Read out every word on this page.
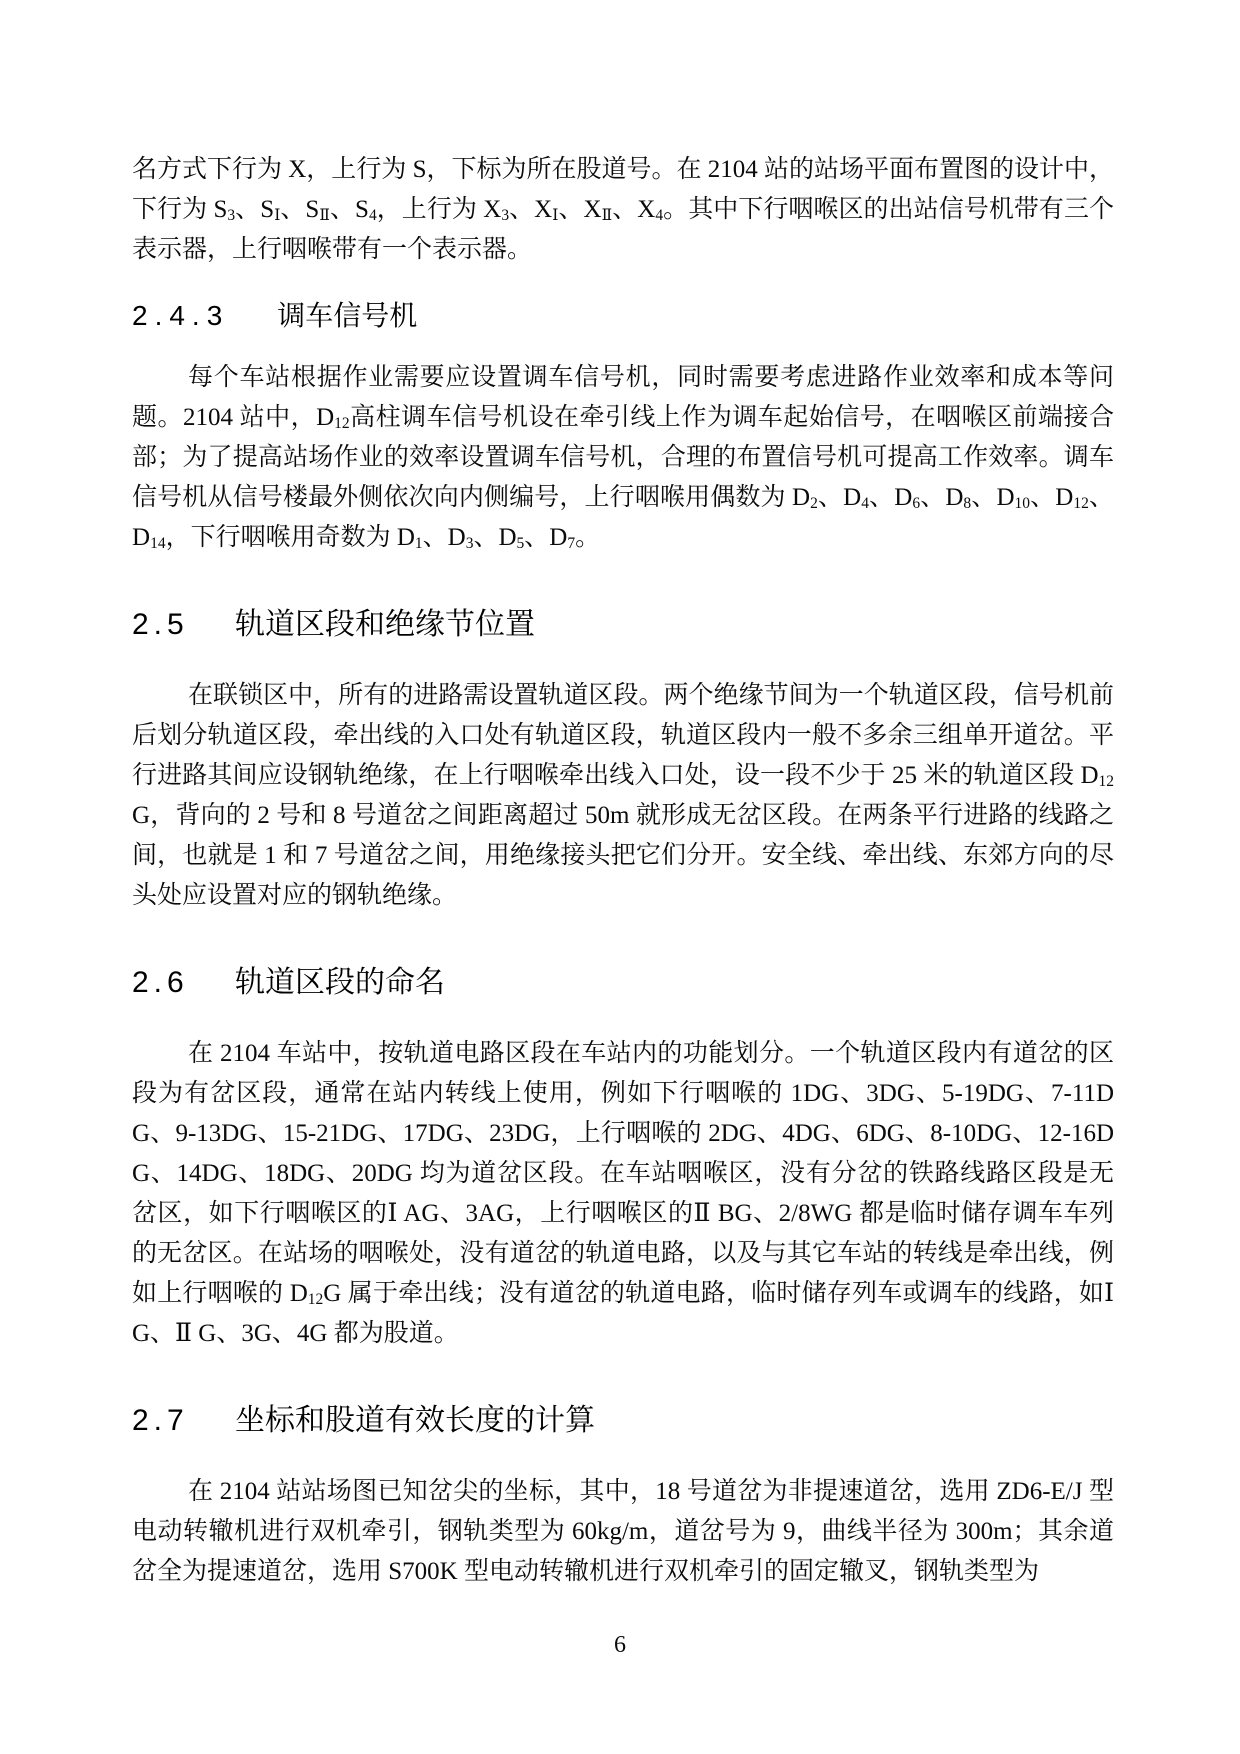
名方式下行为 X，上行为 S，下标为所在股道号。在 2104 站的站场平面布置图的设计中，下行为 $S_3$、$S_Ⅰ$、$S_Ⅱ$、$S_4$，上行为 $X_3$、$X_Ⅰ$、$X_Ⅱ$、$X_4$。其中下行咽喉区的出站信号机带有三个表示器，上行咽喉带有一个表示器。

2.4.3 调车信号机

每个车站根据作业需要应设置调车信号机，同时需要考虑进路作业效率和成本等问题。2104 站中，$D_{12}$高柱调车信号机设在牵引线上作为调车起始信号，在咽喉区前端接合部；为了提高站场作业的效率设置调车信号机，合理的布置信号机可提高工作效率。调车信号机从信号楼最外侧依次向内侧编号，上行咽喉用偶数为 $D_2$、$D_4$、$D_6$、$D_8$、$D_{10}$、$D_{12}$、$D_{14}$，下行咽喉用奇数为 $D_1$、$D_3$、$D_5$、$D_7$。

2.5 轨道区段和绝缘节位置

在联锁区中，所有的进路需设置轨道区段。两个绝缘节间为一个轨道区段，信号机前后划分轨道区段，牵出线的入口处有轨道区段，轨道区段内一般不多余三组单开道岔。平行进路其间应设钢轨绝缘，在上行咽喉牵出线入口处，设一段不少于 25 米的轨道区段 $D_{12}G$，背向的 2 号和 8 号道岔之间距离超过 50m 就形成无岔区段。在两条平行进路的线路之间，也就是 1 和 7 号道岔之间，用绝缘接头把它们分开。安全线、牵出线、东郊方向的尽头处应设置对应的钢轨绝缘。

2.6 轨道区段的命名

在 2104 车站中，按轨道电路区段在车站内的功能划分。一个轨道区段内有道岔的区段为有岔区段，通常在站内转线上使用，例如下行咽喉的 1DG、3DG、5-19DG、7-11DG、9-13DG、15-21DG、17DG、23DG，上行咽喉的 2DG、4DG、6DG、8-10DG、12-16DG、14DG、18DG、20DG 均为道岔区段。在车站咽喉区，没有分岔的铁路线路区段是无岔区，如下行咽喉区的Ⅰ AG、3AG，上行咽喉区的Ⅱ BG、2/8WG 都是临时储存调车车列的无岔区。在站场的咽喉处，没有道岔的轨道电路，以及与其它车站的转线是牵出线，例如上行咽喉的 $D_{12}G$ 属于牵出线；没有道岔的轨道电路，临时储存列车或调车的线路，如Ⅰ G、Ⅱ G、3G、4G 都为股道。

2.7 坐标和股道有效长度的计算

在 2104 站站场图已知岔尖的坐标，其中，18 号道岔为非提速道岔，选用 ZD6-E/J 型电动转辙机进行双机牵引，钢轨类型为 60kg/m，道岔号为 9，曲线半径为 300m；其余道岔全为提速道岔，选用 S700K 型电动转辙机进行双机牵引的固定辙叉，钢轨类型为

6
